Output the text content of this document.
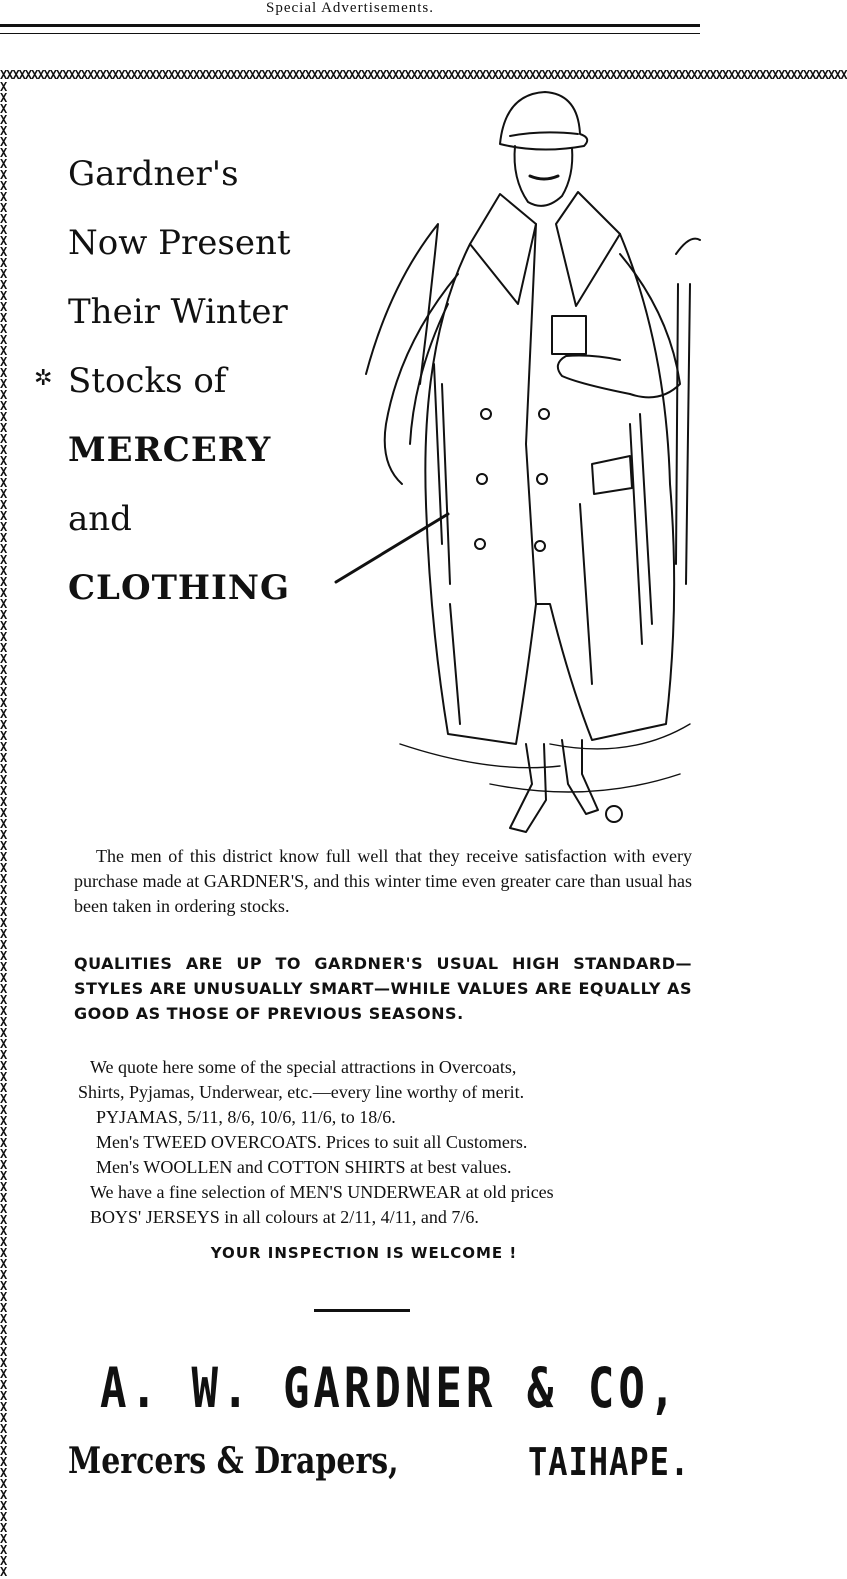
Special Advertisements.
XXXXXXXXXXXXXXXXXXXXXXXXXXXXXXXXXXXXXXXXXXXXXXXXXXXXXXXXXXXXXXXXXXXXXXXXXXXXXXXXXXXXXXXXXXXXXXXXXXXXXXXXXXXXXXXXXXXXXXXXXXXXXXXXXXXXXXXX
XXXXXXXXXXXXXXXXXXXXXXXXXXXXXXXXXXXXXXXXXXXXXXXXXXXXXXXXXXXXXXXXXXXXXXXXXXXXXXXXXXXXXXXXXXXXXXXXXXXXXXXXXXXXXXXXXXXXXXXXXXXXXXXXXXXXXXXX
Gardner's
Now Present
Their Winter
Stocks of
MERCERY
and
CLOTHING
✲
The men of this district know full well that they receive satisfaction with every purchase made at GARDNER'S, and this winter time even greater care than usual has been taken in ordering stocks.
QUALITIES ARE UP TO GARDNER'S USUAL HIGH STANDARD—STYLES ARE UNUSUALLY SMART—WHILE VALUES ARE EQUALLY AS GOOD AS THOSE OF PREVIOUS SEASONS.
We quote here some of the special attractions in Overcoats,
Shirts, Pyjamas, Underwear, etc.—every line worthy of merit.
PYJAMAS, 5/11, 8/6, 10/6, 11/6, to 18/6.
Men's TWEED OVERCOATS. Prices to suit all Customers.
Men's WOOLLEN and COTTON SHIRTS at best values.
We have a fine selection of MEN'S UNDERWEAR at old prices
BOYS' JERSEYS in all colours at 2/11, 4/11, and 7/6.
YOUR INSPECTION IS WELCOME !
A. W. GARDNER & CO,
Mercers & Drapers,	TAIHAPE.
